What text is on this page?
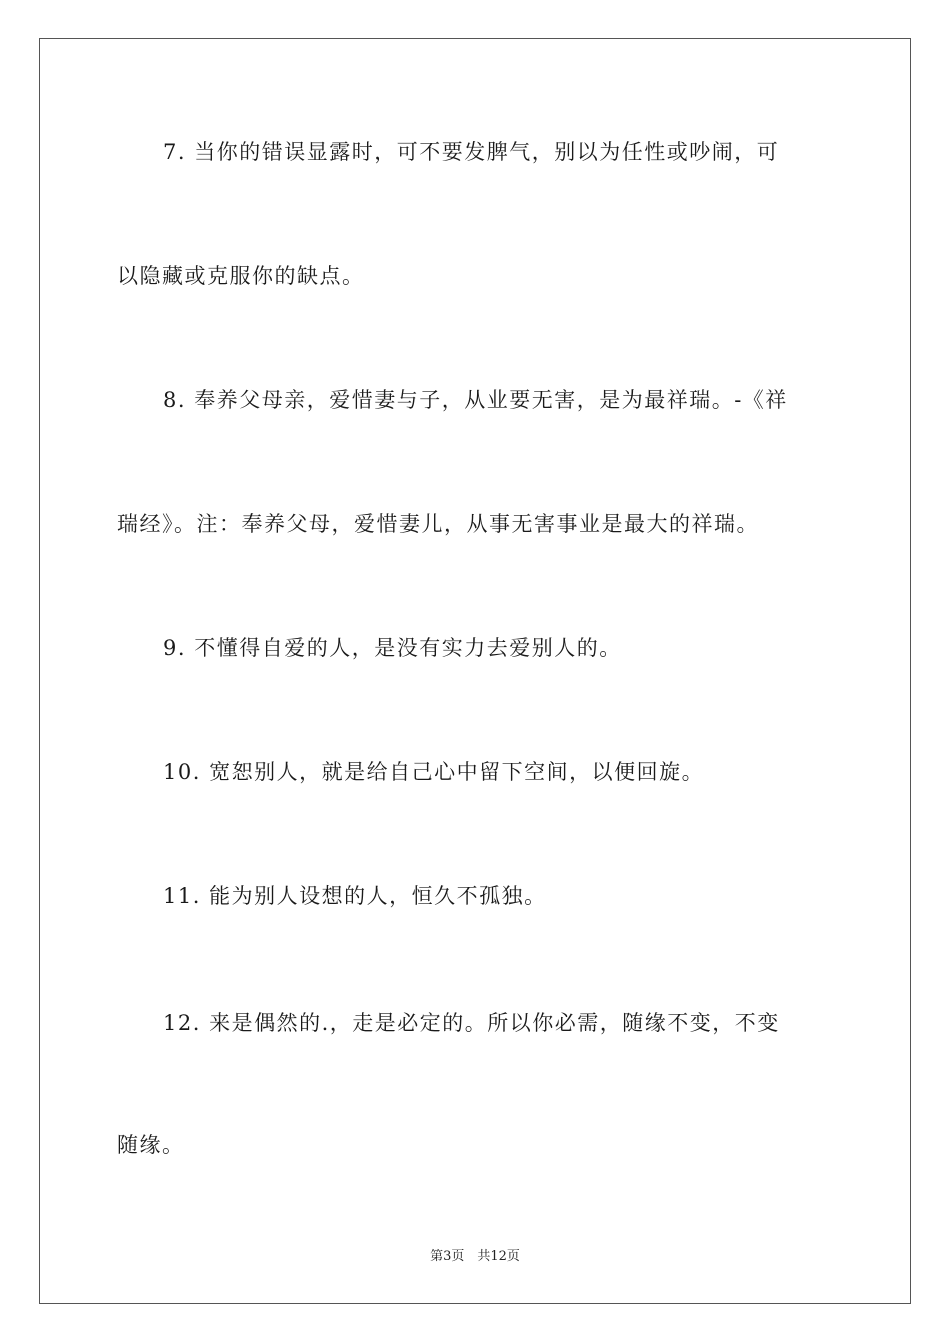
7. 当你的错误显露时，可不要发脾气，别以为任性或吵闹，可
以隐藏或克服你的缺点。
8. 奉养父母亲，爱惜妻与子，从业要无害，是为最祥瑞。-《祥
瑞经》。注：奉养父母，爱惜妻儿，从事无害事业是最大的祥瑞。
9. 不懂得自爱的人，是没有实力去爱别人的。
10. 宽恕别人，就是给自己心中留下空间，以便回旋。
11. 能为别人设想的人，恒久不孤独。
12. 来是偶然的.，走是必定的。所以你必需，随缘不变，不变
随缘。
第3页　共12页
